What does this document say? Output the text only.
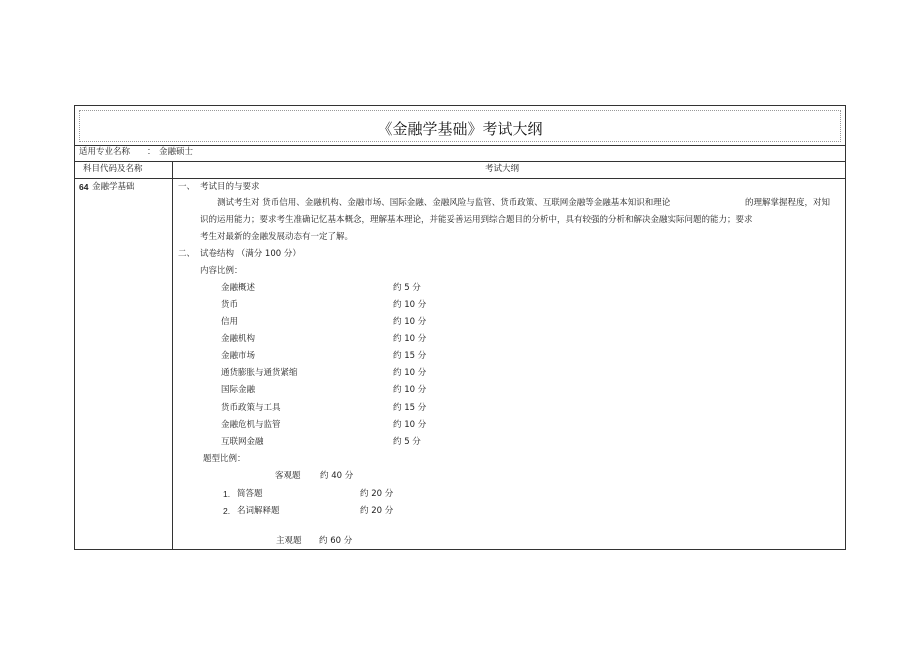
《金融学基础》考试大纲
适用专业名称 ： 金融硕士
科目代码及名称	考试大纲
64 金融学基础	一、 考试目的与要求
测试考生对 货币信用、金融机构、金融市场、国际金融、金融风险与监管、货币政策、互联网金融等金融基本知识和理论	的理解掌握程度，对知
识的运用能力；要求考生准确记忆基本概念，理解基本理论，并能妥善运用到综合题目的分析中，具有较强的分析和解决金融实际问题的能力；要求
考生对最新的金融发展动态有一定了解。
二、 试卷结构 （满分 100 分）
内容比例：
金融概述	约 5 分
货币	约 10 分
信用	约 10 分
金融机构	约 10 分
金融市场	约 15 分
通货膨胀与通货紧缩	约 10 分
国际金融	约 10 分
货币政策与工具	约 15 分
金融危机与监管	约 10 分
互联网金融	约 5 分
题型比例：
客观题 约 40 分
1. 简答题	约 20 分
2. 名词解释题	约 20 分
主观题 约 60 分
